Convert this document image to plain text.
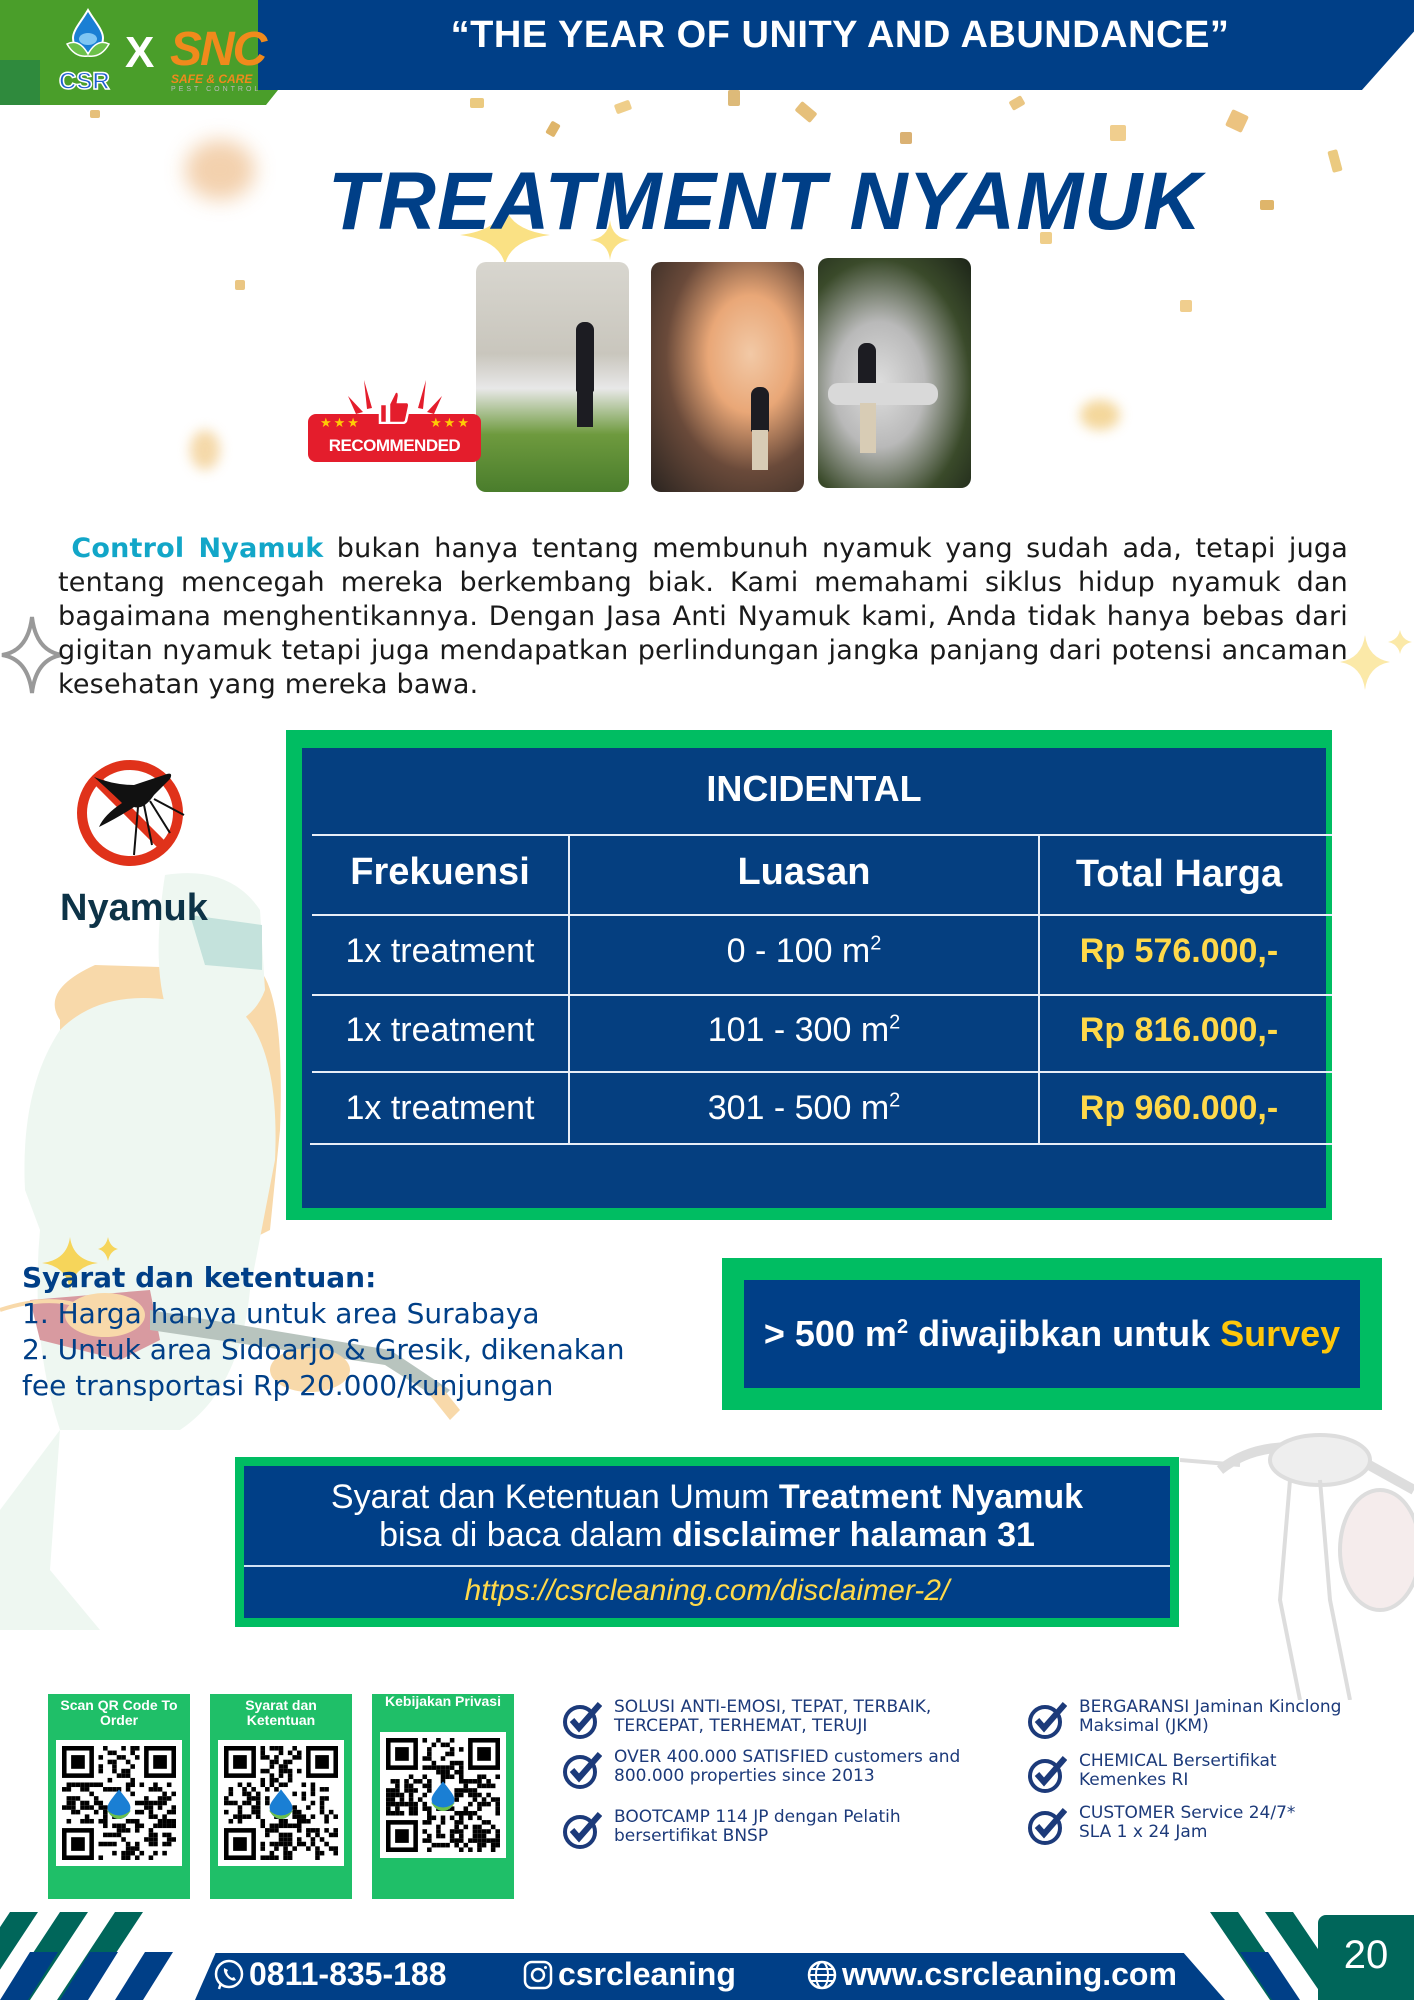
“THE YEAR OF UNITY AND ABUNDANCE”
CSR
X SNC
SAFE & CARE
PEST CONTROL
TREATMENT NYAMUK
★★★	★★★
RECOMMENDED

Control Nyamuk bukan hanya tentang membunuh nyamuk yang sudah ada, tetapi juga tentang mencegah mereka berkembang biak. Kami memahami siklus hidup nyamuk dan bagaimana menghentikannya. Dengan Jasa Anti Nyamuk kami, Anda tidak hanya bebas dari gigitan nyamuk tetapi juga mendapatkan perlindungan jangka panjang dari potensi ancaman kesehatan yang mereka bawa.

Nyamuk
INCIDENTAL
Frekuensi	Luasan	Total Harga
1x treatment	0 - 100 $m^2$	Rp 576.000,-
1x treatment	101 - 300 $m^2$	Rp 816.000,-
1x treatment	301 - 500 $m^2$	Rp 960.000,-
Syarat dan ketentuan:
1. Harga hanya untuk area Surabaya
2. Untuk area Sidoarjo & Gresik, dikenakan
fee transportasi Rp 20.000/kunjungan
> 500 $m^2$ diwajibkan untuk Survey
Syarat dan Ketentuan Umum Treatment Nyamuk
bisa di baca dalam disclaimer halaman 31
https://csrcleaning.com/disclaimer-2/
Scan QR Code To Order
Syarat dan Ketentuan
Kebijakan Privasi	SOLUSI ANTI-EMOSI, TEPAT, TERBAIK, TERCEPAT, TERHEMAT, TERUJI
OVER 400.000 SATISFIED customers and 800.000 properties since 2013
BOOTCAMP 114 JP dengan Pelatih bersertifikat BNSP
BERGARANSI Jaminan Kinclong Maksimal (JKM)
CHEMICAL Bersertifikat Kemenkes RI
CUSTOMER Service 24/7* SLA 1 x 24 Jam
0811-835-188	csrcleaning	www.csrcleaning.com	20
